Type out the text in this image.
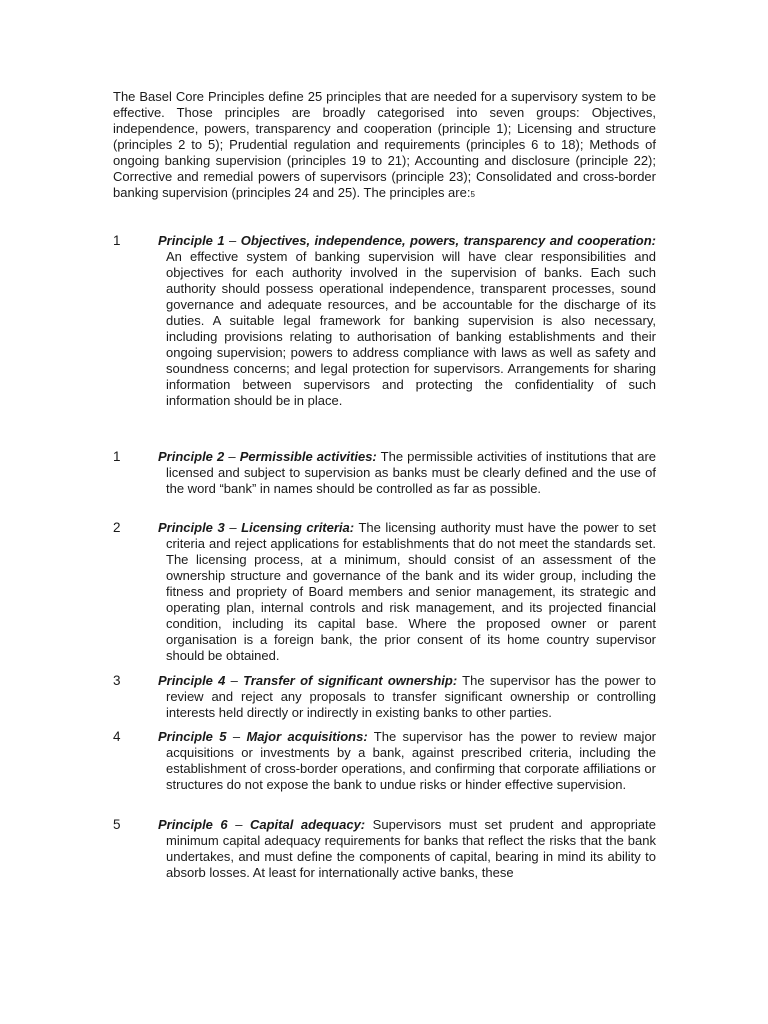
The Basel Core Principles define 25 principles that are needed for a supervisory system to be effective. Those principles are broadly categorised into seven groups: Objectives, independence, powers, transparency and cooperation (principle 1); Licensing and structure (principles 2 to 5); Prudential regulation and requirements (principles 6 to 18); Methods of ongoing banking supervision (principles 19 to 21); Accounting and disclosure (principle 22); Corrective and remedial powers of supervisors (principle 23); Consolidated and cross-border banking supervision (principles 24 and 25). The principles are:5

1	Principle 1 – Objectives, independence, powers, transparency and cooperation: An effective system of banking supervision will have clear responsibilities and objectives for each authority involved in the supervision of banks. Each such authority should possess operational independence, transparent processes, sound governance and adequate resources, and be accountable for the discharge of its duties. A suitable legal framework for banking supervision is also necessary, including provisions relating to authorisation of banking establishments and their ongoing supervision; powers to address compliance with laws as well as safety and soundness concerns; and legal protection for supervisors. Arrangements for sharing information between supervisors and protecting the confidentiality of such information should be in place.

1	Principle 2 – Permissible activities: The permissible activities of institutions that are licensed and subject to supervision as banks must be clearly defined and the use of the word “bank” in names should be controlled as far as possible.

2	Principle 3 – Licensing criteria: The licensing authority must have the power to set criteria and reject applications for establishments that do not meet the standards set. The licensing process, at a minimum, should consist of an assessment of the ownership structure and governance of the bank and its wider group, including the fitness and propriety of Board members and senior management, its strategic and operating plan, internal controls and risk management, and its projected financial condition, including its capital base. Where the proposed owner or parent organisation is a foreign bank, the prior consent of its home country supervisor should be obtained.

3	Principle 4 – Transfer of significant ownership: The supervisor has the power to review and reject any proposals to transfer significant ownership or controlling interests held directly or indirectly in existing banks to other parties.

4	Principle 5 – Major acquisitions: The supervisor has the power to review major acquisitions or investments by a bank, against prescribed criteria, including the establishment of cross-border operations, and confirming that corporate affiliations or structures do not expose the bank to undue risks or hinder effective supervision.

5	Principle 6 – Capital adequacy: Supervisors must set prudent and appropriate minimum capital adequacy requirements for banks that reflect the risks that the bank undertakes, and must define the components of capital, bearing in mind its ability to absorb losses. At least for internationally active banks, these
